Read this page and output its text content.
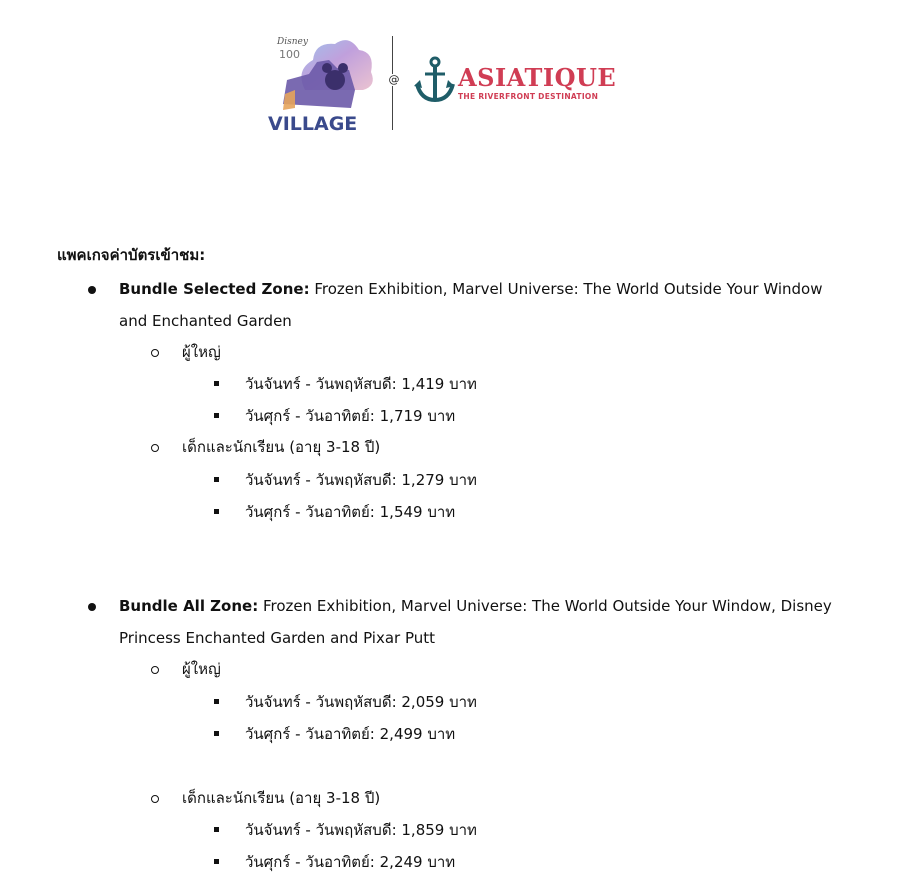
Disney
100
VILLAGE
@ ASIATIQUE
THE RIVERFRONT DESTINATION
แพคเกจค่าบัตรเข้าชม:
Bundle Selected Zone: Frozen Exhibition, Marvel Universe: The World Outside Your Window
and Enchanted Garden
ผู้ใหญ่
วันจันทร์ - วันพฤหัสบดี: 1,419 บาท
วันศุกร์ - วันอาทิตย์: 1,719 บาท
เด็กและนักเรียน (อายุ 3-18 ปี)
วันจันทร์ - วันพฤหัสบดี: 1,279 บาท
วันศุกร์ - วันอาทิตย์: 1,549 บาท
Bundle All Zone: Frozen Exhibition, Marvel Universe: The World Outside Your Window, Disney
Princess Enchanted Garden and Pixar Putt
ผู้ใหญ่
วันจันทร์ - วันพฤหัสบดี: 2,059 บาท
วันศุกร์ - วันอาทิตย์: 2,499 บาท
เด็กและนักเรียน (อายุ 3-18 ปี)
วันจันทร์ - วันพฤหัสบดี: 1,859 บาท
วันศุกร์ - วันอาทิตย์: 2,249 บาท
